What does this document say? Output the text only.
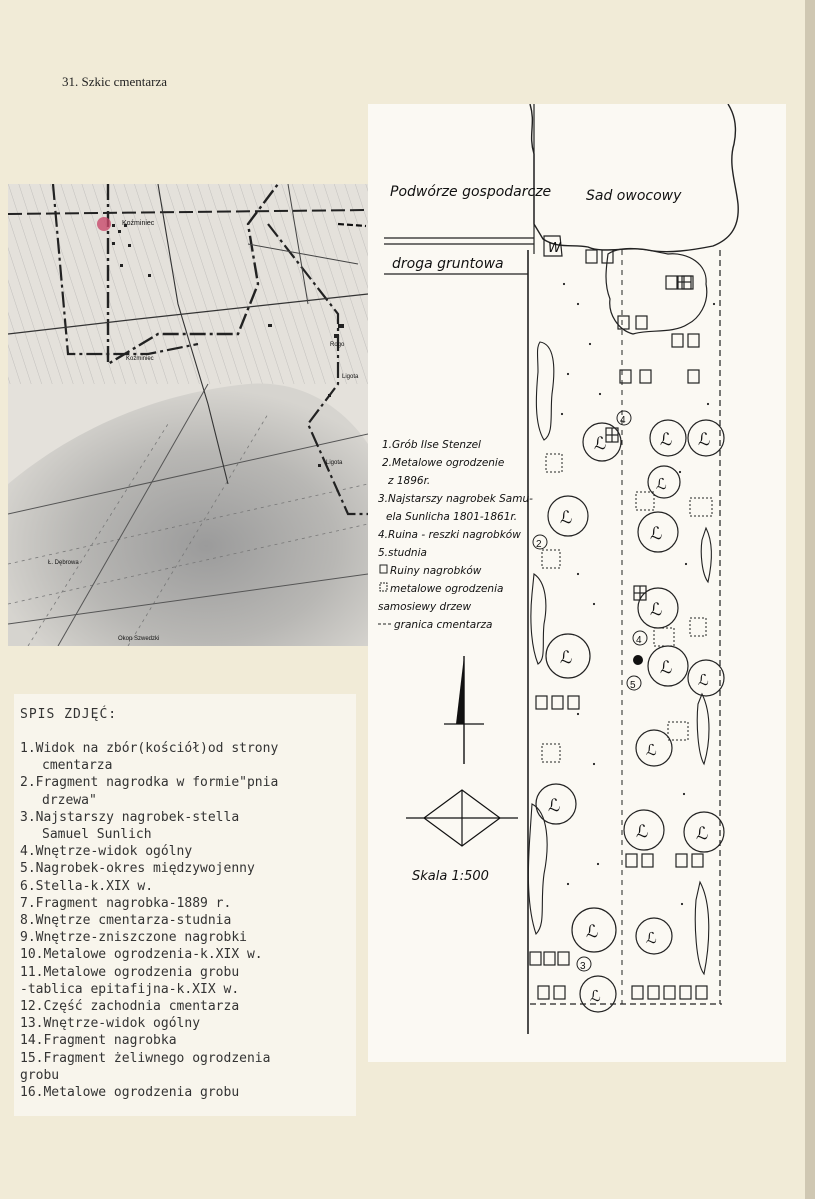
31. Szkic cmentarza
Koźminiec
Koźminiec
Rogo
Ligota
Ligota
Ł. Dębrowa
Okop Szwedzki
SPIS ZDJĘĆ:
1.Widok na zbór(kościół)od strony
cmentarza
2.Fragment nagrodka w formie"pnia
drzewa"
3.Najstarszy nagrobek-stella
Samuel Sunlich
4.Wnętrze-widok ogólny
5.Nagrobek-okres międzywojenny
6.Stella-k.XIX w.
7.Fragment nagrobka-1889 r.
8.Wnętrze cmentarza-studnia
9.Wnętrze-zniszczone nagrobki
10.Metalowe ogrodzenia-k.XIX w.
11.Metalowe ogrodzenia grobu
-tablica epitafijna-k.XIX w.
12.Część zachodnia cmentarza
13.Wnętrze-widok ogólny
14.Fragment nagrobka
15.Fragment żeliwnego ogrodzenia
grobu
16.Metalowe ogrodzenia grobu
W
Podwórze gospodarcze Sad owocowy
droga gruntowa
ℒ	ℒ ℒ
ℒ
ℒ
ℒ
ℒ
ℒ	ℒ
ℒ
ℒ
ℒ
ℒ	ℒ
ℒ	ℒ
ℒ
4
2
4
5
3
1.Grób Ilse Stenzel
2.Metalowe ogrodzenie
z 1896r.
3.Najstarszy nagrobek Samu-
ela Sunlicha 1801-1861r.
4.Ruina - reszki nagrobków
5.studnia
Ruiny nagrobków
metalowe ogrodzenia
samosiewy drzew
granica cmentarza
Skala 1:500
